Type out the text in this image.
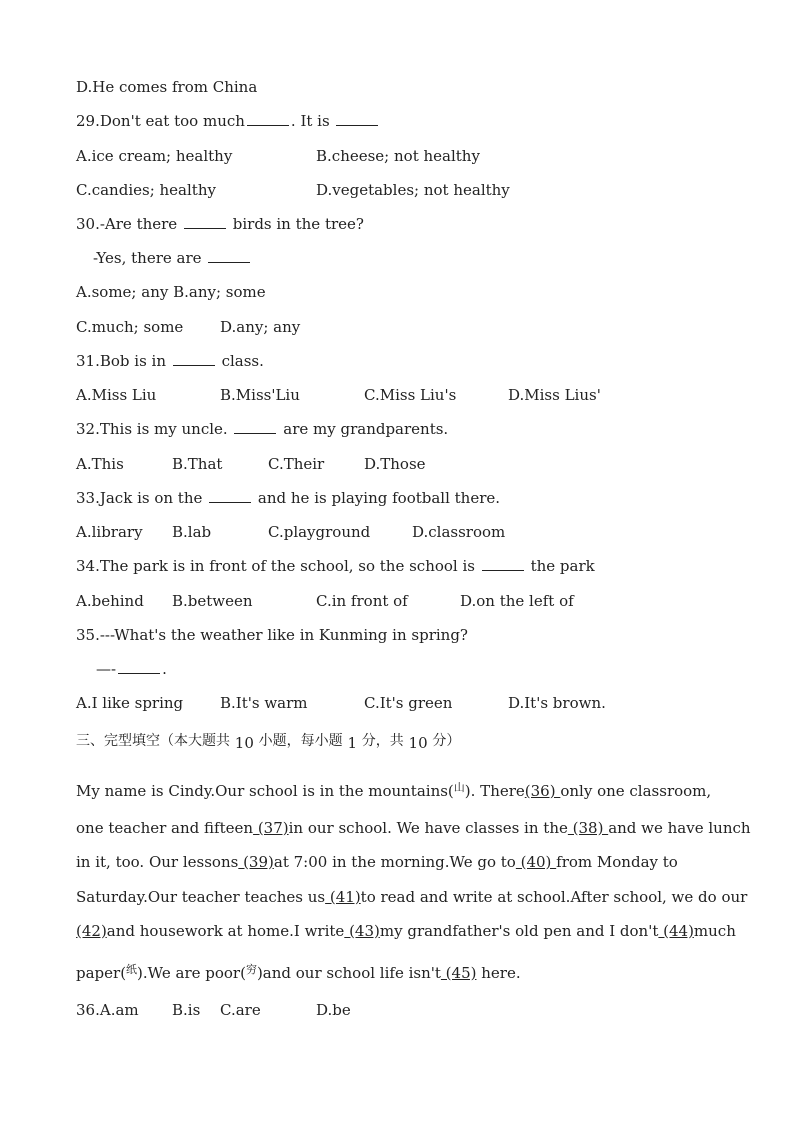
D.He comes from China
29.Don't eat too much	. It is
A.ice cream; healthy	B.cheese; not healthy
C.candies; healthy	D.vegetables; not healthy
30.-Are there	birds in the tree?
-Yes, there are
A.some; any B.any; some
C.much; some D.any; any
31.Bob is in	class.
A.Miss Liu	B.Miss'Liu	C.Miss Liu's	D.Miss Lius'
32.This is my uncle.	are my grandparents.
A.This	B.That	C.Their	D.Those
33.Jack is on the	and he is playing football there.
A.library B.lab	C.playground	D.classroom
34.The park is in front of the school, so the school is	the park
A.behind B.between	C.in front of	D.on the left of
35.---What's the weather like in Kunming in spring?
—-	.
A.I like spring B.It's warm	C.It's green	D.It's brown.
三、完型填空（本大题共 10 小题，每小题 1 分，共 10 分）
My name is Cindy.Our school is in the mountains($^山$). There(36) only one classroom,
one teacher and fifteen (37)in our school. We have classes in the (38) and we have lunch
in it, too. Our lessons (39)at 7:00 in the morning.We go to (40) from Monday to
Saturday.Our teacher teaches us (41)to read and write at school.After school, we do our
(42)and housework at home.I write (43)my grandfather's old pen and I don't (44)much
paper($^纸$).We are poor($^穷$)and our school life isn't (45) here.
36.A.am B.is C.are	D.be
